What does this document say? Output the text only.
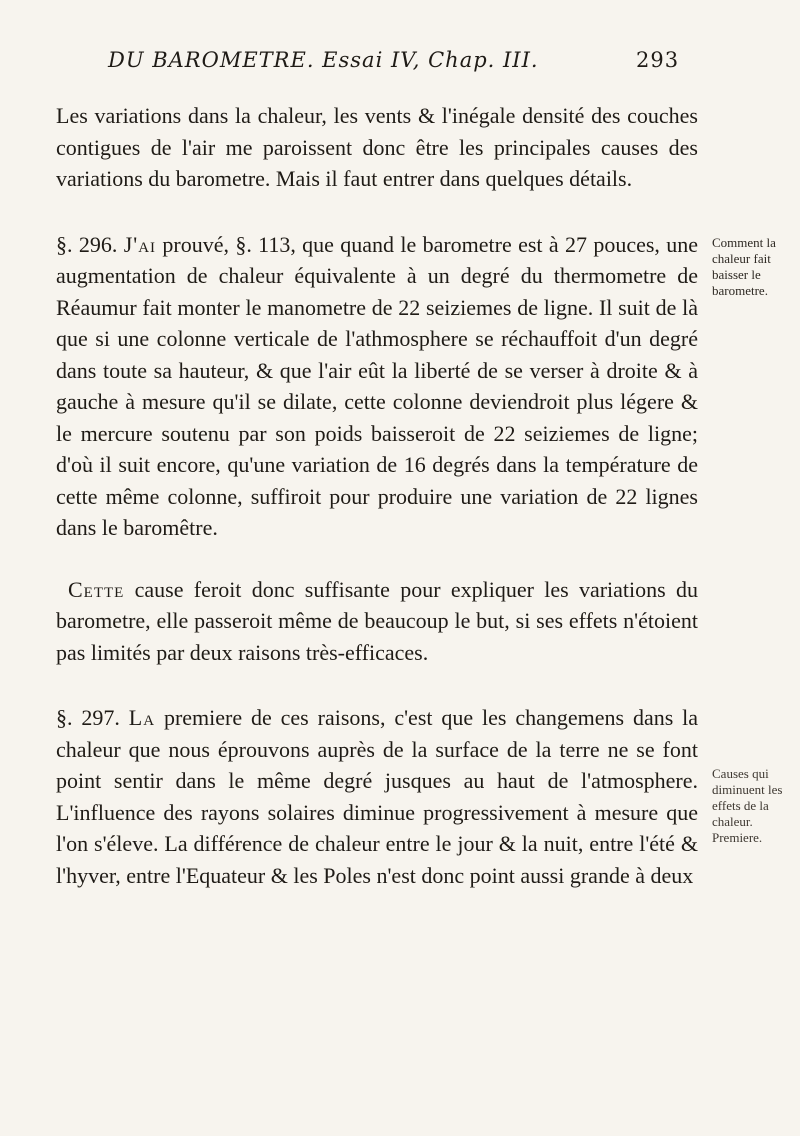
DU BAROMETRE. Essai IV, Chap. III.	293

Les variations dans la chaleur, les vents & l'inégale densité des couches contigues de l'air me paroissent donc être les principales causes des variations du barometre. Mais il faut entrer dans quelques détails.

§. 296. J'ai prouvé, §. 113, que quand le barometre est à 27 pouces, une augmentation de chaleur équivalente à un degré du thermometre de Réaumur fait monter le manometre de 22 seiziemes de ligne. Il suit de là que si une colonne verticale de l'athmosphere se réchauffoit d'un degré dans toute sa hauteur, & que l'air eût la liberté de se verser à droite & à gauche à mesure qu'il se dilate, cette colonne deviendroit plus légere & le mercure soutenu par son poids baisseroit de 22 seiziemes de ligne; d'où il suit encore, qu'une variation de 16 degrés dans la température de cette même colonne, suffiroit pour produire une variation de 22 lignes dans le baromêtre.

Cette cause feroit donc suffisante pour expliquer les variations du barometre, elle passeroit même de beaucoup le but, si ses effets n'étoient pas limités par deux raisons très-efficaces.

§. 297. La premiere de ces raisons, c'est que les changemens dans la chaleur que nous éprouvons auprès de la surface de la terre ne se font point sentir dans le même degré jusques au haut de l'atmosphere. L'influence des rayons solaires diminue progressivement à mesure que l'on s'éleve. La différence de chaleur entre le jour & la nuit, entre l'été & l'hyver, entre l'Equateur & les Poles n'est donc point aussi grande à deux

Comment la chaleur fait baisser le barometre.
Causes qui diminuent les effets de la chaleur. Premiere.
